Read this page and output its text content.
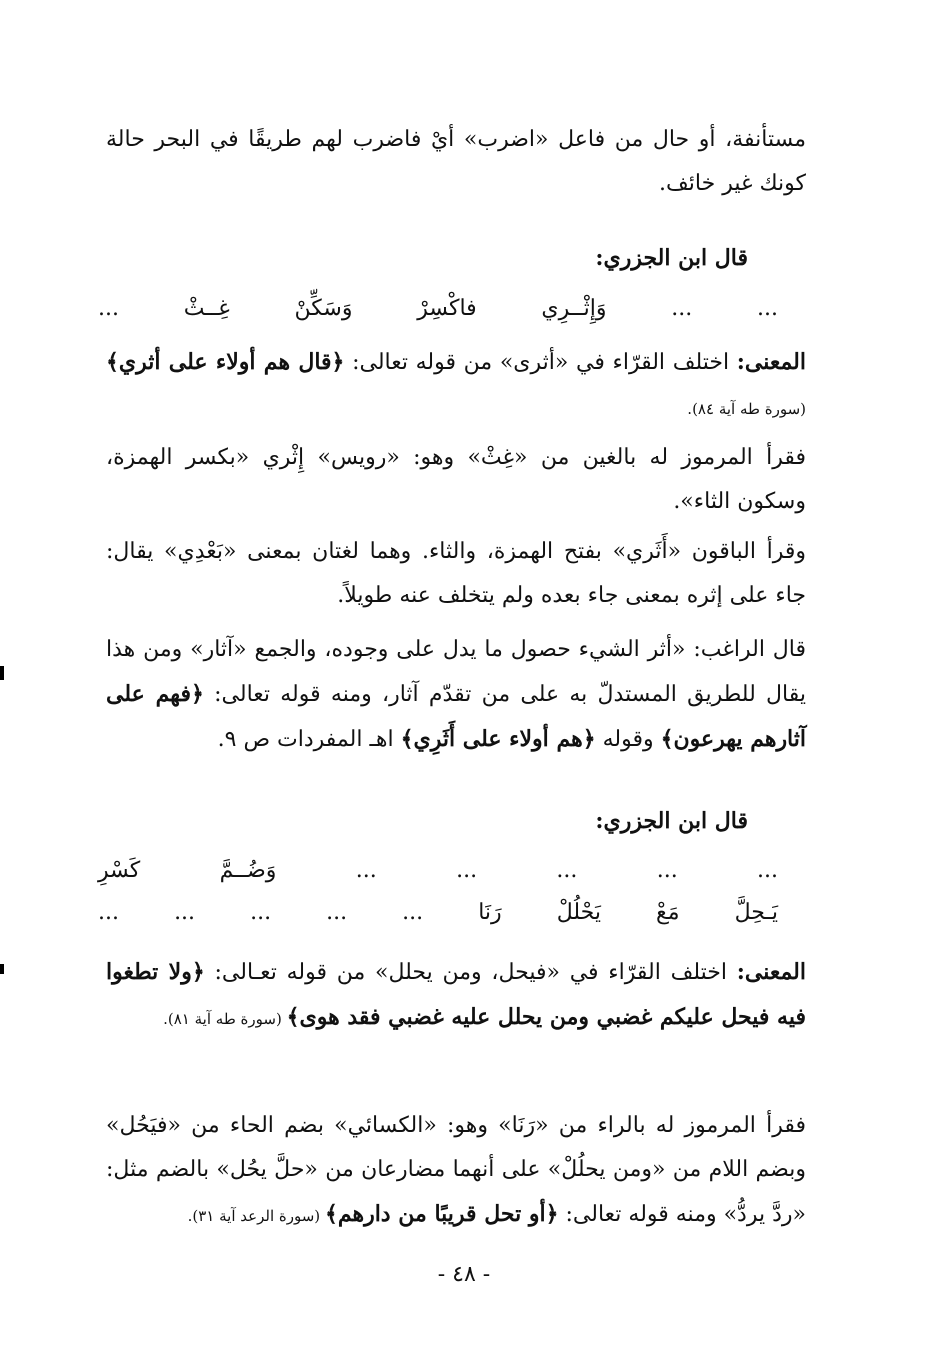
مستأنفة، أو حال من فاعل «اضرب» أيْ فاضرب لهم طريقًا في البحر حالة كونك غير خائف.
قال ابن الجزري:
...
...
وَإِثْــرِي
فاكْسِرْ
وَسَكِّنْ
غِــثْ
...
المعنى: اختلف القرّاء في «أثرى» من قوله تعالى: ﴿قال هم أولاء على أثري﴾ (سورة طه آية ٨٤).
فقرأ المرموز له بالغين من «غِثْ» وهو: «رويس» إِثْري «بكسر الهمزة، وسكون الثاء».
وقرأ الباقون «أَثَري» بفتح الهمزة، والثاء. وهما لغتان بمعنى «بَعْدِي» يقال: جاء على إثره بمعنى جاء بعده ولم يتخلف عنه طويلاً.
قال الراغب: «أثر الشيء حصول ما يدل على وجوده، والجمع «آثار» ومن هذا يقال للطريق المستدلّ به على من تقدّم آثار، ومنه قوله تعالى: ﴿فهم على آثارهم يهرعون﴾ وقوله ﴿هم أولاء على أَثَرِي﴾ اهـ المفردات ص ٩.
قال ابن الجزري:
...
...
...
...
...
وَضُــمَّ
كَسْرِ
يَـحِلَّ
مَعْ
يَحْلُلْ
رَنَا
...
...
...
...
...
المعنى: اختلف القرّاء في «فيحل، ومن يحلل» من قوله تعـالى: ﴿ولا تطغوا فيه فيحل عليكم غضبي ومن يحلل عليه غضبي فقد هوى﴾ (سورة طه آية ٨١).
فقرأ المرموز له بالراء من «رَنَا» وهو: «الكسائي» بضم الحاء من «فيَحُل» وبضم اللام من «ومن يحلُلْ» على أنهما مضارعان من «حلَّ يحُل» بالضم مثل: «ردَّ يردُّ» ومنه قوله تعالى: ﴿أو تحل قريبًا من دارهم﴾ (سورة الرعد آية ٣١).
- ٤٨ -
